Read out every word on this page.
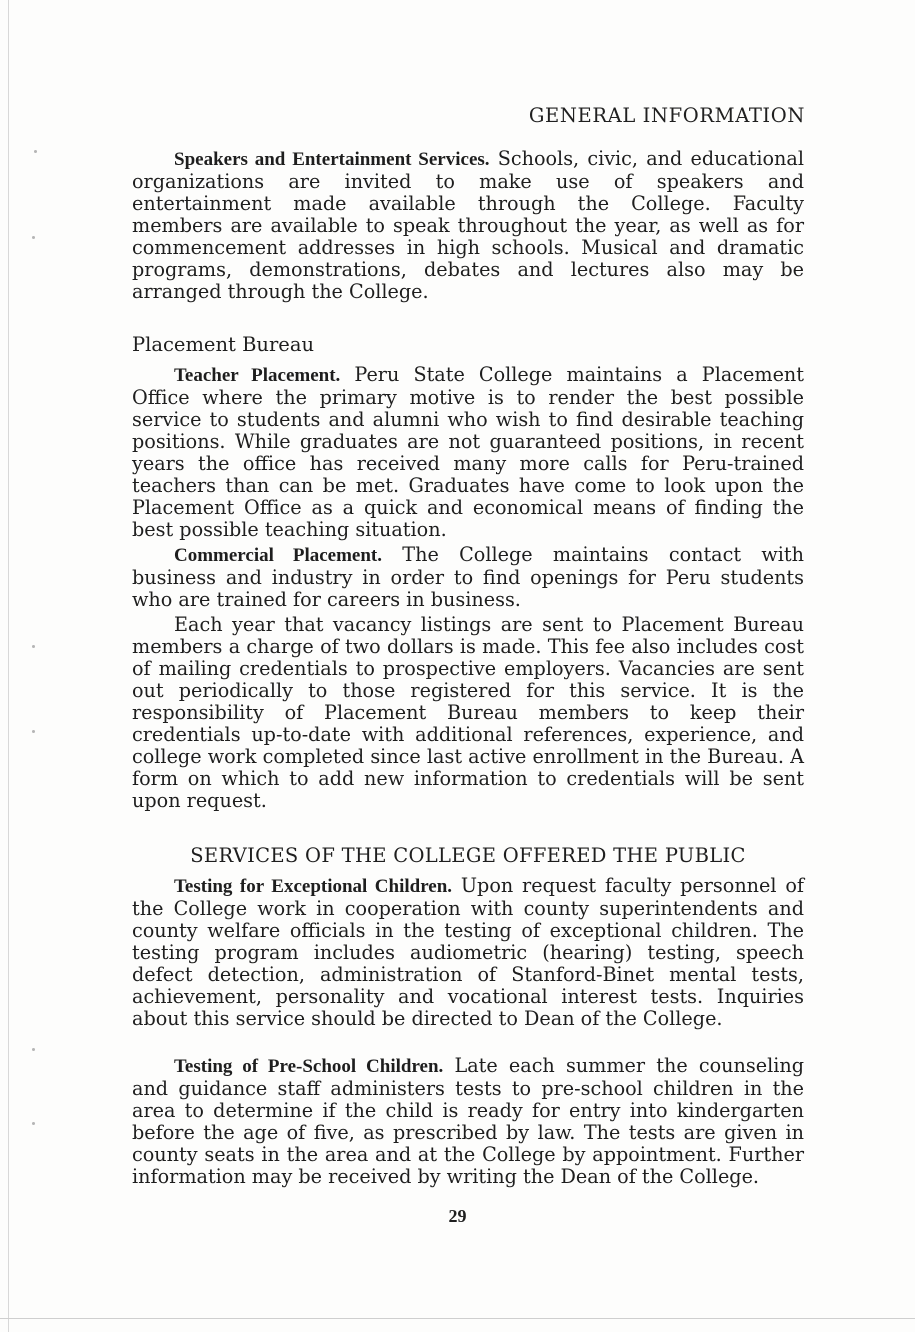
GENERAL INFORMATION

Speakers and Entertainment Services. Schools, civic, and educational organizations are invited to make use of speakers and entertainment made available through the College. Faculty members are available to speak throughout the year, as well as for commencement addresses in high schools. Musical and dramatic programs, demonstrations, debates and lectures also may be arranged through the College.

Placement Bureau

Teacher Placement. Peru State College maintains a Placement Office where the primary motive is to render the best possible service to students and alumni who wish to find desirable teaching positions. While graduates are not guaranteed positions, in recent years the office has received many more calls for Peru-trained teachers than can be met. Graduates have come to look upon the Placement Office as a quick and economical means of finding the best possible teaching situation.

Commercial Placement. The College maintains contact with business and industry in order to find openings for Peru students who are trained for careers in business.

Each year that vacancy listings are sent to Placement Bureau members a charge of two dollars is made. This fee also includes cost of mailing credentials to prospective employers. Vacancies are sent out periodically to those registered for this service. It is the responsibility of Placement Bureau members to keep their credentials up-to-date with additional references, experience, and college work completed since last active enrollment in the Bureau. A form on which to add new information to credentials will be sent upon request.

SERVICES OF THE COLLEGE OFFERED THE PUBLIC

Testing for Exceptional Children. Upon request faculty personnel of the College work in cooperation with county superintendents and county welfare officials in the testing of exceptional children. The testing program includes audiometric (hearing) testing, speech defect detection, administration of Stanford-Binet mental tests, achievement, personality and vocational interest tests. Inquiries about this service should be directed to Dean of the College.

Testing of Pre-School Children. Late each summer the counseling and guidance staff administers tests to pre-school children in the area to determine if the child is ready for entry into kindergarten before the age of five, as prescribed by law. The tests are given in county seats in the area and at the College by appointment. Further information may be received by writing the Dean of the College.

29
